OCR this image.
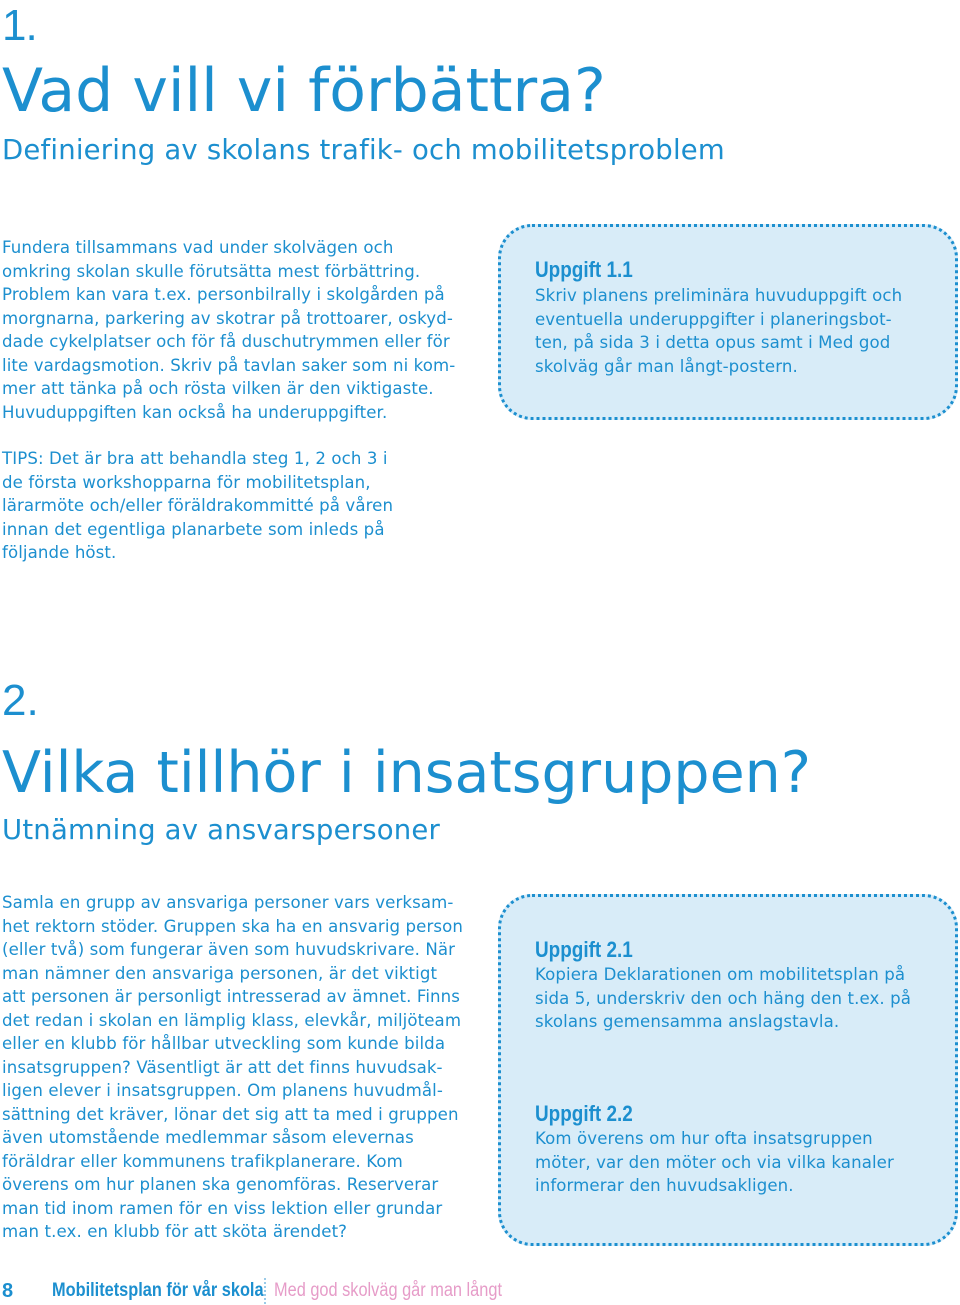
1.
Vad vill vi förbättra?
Definiering av skolans trafik- och mobilitetsproblem
Fundera tillsammans vad under skolvägen och
omkring skolan skulle förutsätta mest förbättring.
Problem kan vara t.ex. personbilrally i skolgården på
morgnarna, parkering av skotrar på trottoarer, oskyd-
dade cykelplatser och för få duschutrymmen eller för
lite vardagsmotion. Skriv på tavlan saker som ni kom-
mer att tänka på och rösta vilken är den viktigaste.
Huvuduppgiften kan också ha underuppgifter.
TIPS: Det är bra att behandla steg 1, 2 och 3 i
de första workshopparna för mobilitetsplan,
lärarmöte och/eller föräldrakommitté på våren
innan det egentliga planarbete som inleds på
följande höst.
Uppgift 1.1
Skriv planens preliminära huvuduppgift och
eventuella underuppgifter i planeringsbot-
ten, på sida 3 i detta opus samt i Med god
skolväg går man långt-postern.
2.
Vilka tillhör i insatsgruppen?
Utnämning av ansvarspersoner
Samla en grupp av ansvariga personer vars verksam-
het rektorn stöder. Gruppen ska ha en ansvarig person
(eller två) som fungerar även som huvudskrivare. När
man nämner den ansvariga personen, är det viktigt
att personen är personligt intresserad av ämnet. Finns
det redan i skolan en lämplig klass, elevkår, miljöteam
eller en klubb för hållbar utveckling som kunde bilda
insatsgruppen? Väsentligt är att det finns huvudsak-
ligen elever i insatsgruppen. Om planens huvudmål-
sättning det kräver, lönar det sig att ta med i gruppen
även utomstående medlemmar såsom elevernas
föräldrar eller kommunens trafikplanerare. Kom
överens om hur planen ska genomföras. Reserverar
man tid inom ramen för en viss lektion eller grundar
man t.ex. en klubb för att sköta ärendet?
Uppgift 2.1
Kopiera Deklarationen om mobilitetsplan på
sida 5, underskriv den och häng den t.ex. på
skolans gemensamma anslagstavla.
Uppgift 2.2
Kom överens om hur ofta insatsgruppen
möter, var den möter och via vilka kanaler
informerar den huvudsakligen.
8	Mobilitetsplan för vår skola Med god skolväg går man långt
